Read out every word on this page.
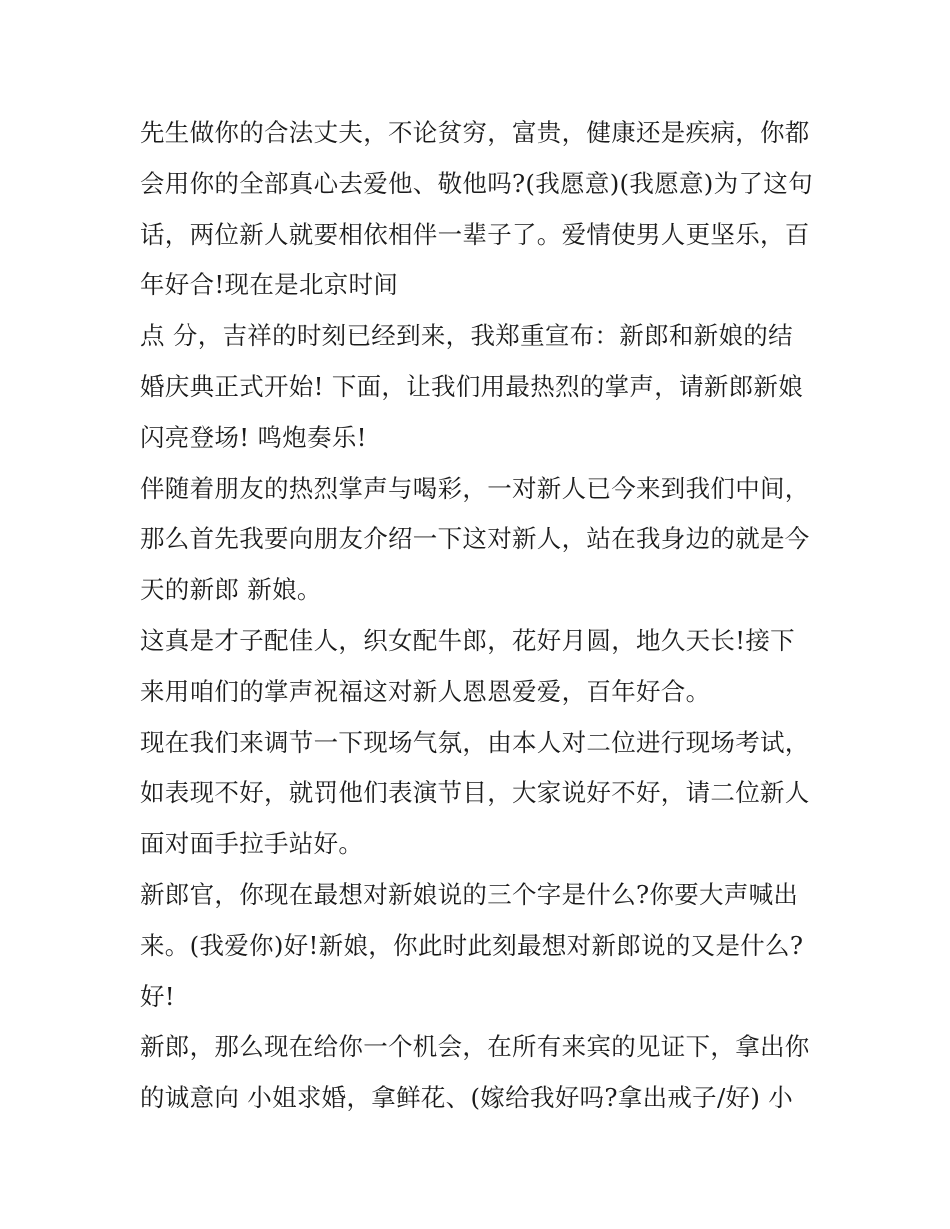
先生做你的合法丈夫，不论贫穷，富贵，健康还是疾病，你都
会用你的全部真心去爱他、敬他吗?(我愿意)(我愿意)为了这句
话，两位新人就要相依相伴一辈子了。爱情使男人更坚乐，百
年好合!现在是北京时间
点 分，吉祥的时刻已经到来，我郑重宣布：新郎和新娘的结
婚庆典正式开始! 下面，让我们用最热烈的掌声，请新郎新娘
闪亮登场! 鸣炮奏乐!
伴随着朋友的热烈掌声与喝彩，一对新人已今来到我们中间，
那么首先我要向朋友介绍一下这对新人，站在我身边的就是今
天的新郎 新娘。
这真是才子配佳人，织女配牛郎，花好月圆，地久天长!接下
来用咱们的掌声祝福这对新人恩恩爱爱，百年好合。
现在我们来调节一下现场气氛，由本人对二位进行现场考试，
如表现不好，就罚他们表演节目，大家说好不好，请二位新人
面对面手拉手站好。
新郎官，你现在最想对新娘说的三个字是什么?你要大声喊出
来。(我爱你)好!新娘，你此时此刻最想对新郎说的又是什么?
好!
新郎，那么现在给你一个机会，在所有来宾的见证下，拿出你
的诚意向 小姐求婚，拿鲜花、(嫁给我好吗?拿出戒子/好) 小
